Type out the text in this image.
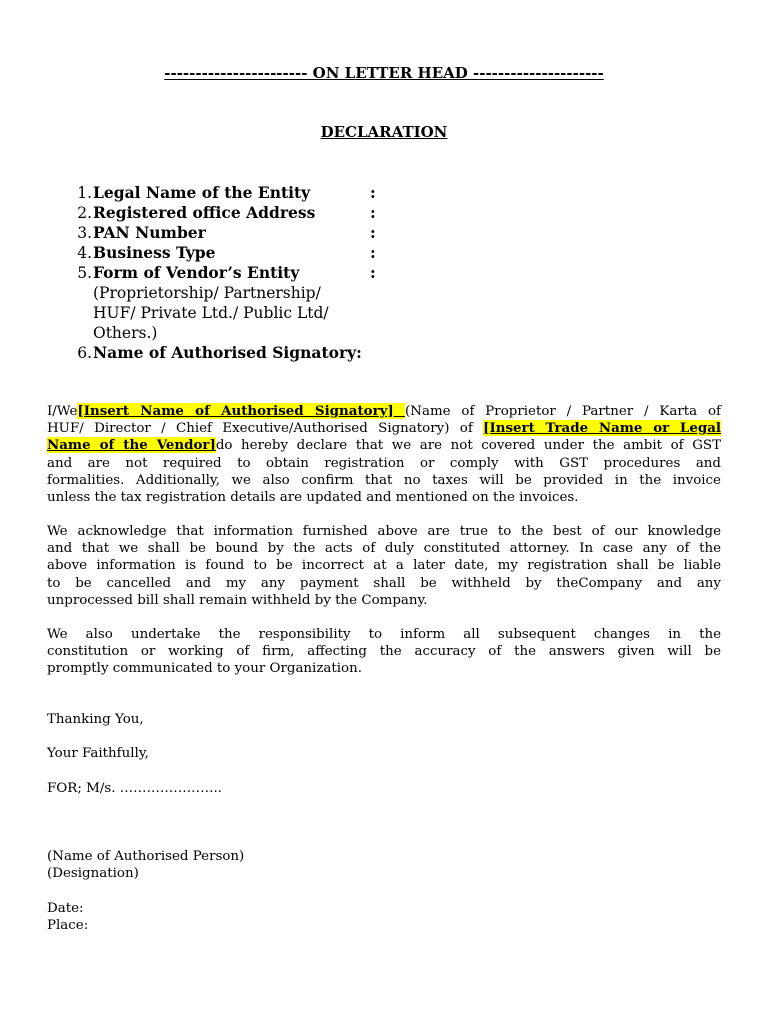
----------------------- ON LETTER HEAD ---------------------
DECLARATION
1. Legal Name of the Entity	:
2. Registered office Address	:
3. PAN Number	:
4. Business Type	:
5. Form of Vendor’s Entity	:
(Proprietorship/ Partnership/
HUF/ Private Ltd./ Public Ltd/
Others.)
6. Name of Authorised Signatory:
I/We[Insert Name of Authorised Signatory] (Name of Proprietor / Partner / Karta of
HUF/ Director / Chief Executive/Authorised Signatory) of [Insert Trade Name or Legal
Name of the Vendor]do hereby declare that we are not covered under the ambit of GST
and are not required to obtain registration or comply with GST procedures and
formalities. Additionally, we also confirm that no taxes will be provided in the invoice
unless the tax registration details are updated and mentioned on the invoices.
We acknowledge that information furnished above are true to the best of our knowledge
and that we shall be bound by the acts of duly constituted attorney. In case any of the
above information is found to be incorrect at a later date, my registration shall be liable
to be cancelled and my any payment shall be withheld by theCompany and any
unprocessed bill shall remain withheld by the Company.
We also undertake the responsibility to inform all subsequent changes in the
constitution or working of firm, affecting the accuracy of the answers given will be
promptly communicated to your Organization.
Thanking You,
Your Faithfully,
FOR; M/s. …………………..
(Name of Authorised Person)
(Designation)
Date:
Place:
